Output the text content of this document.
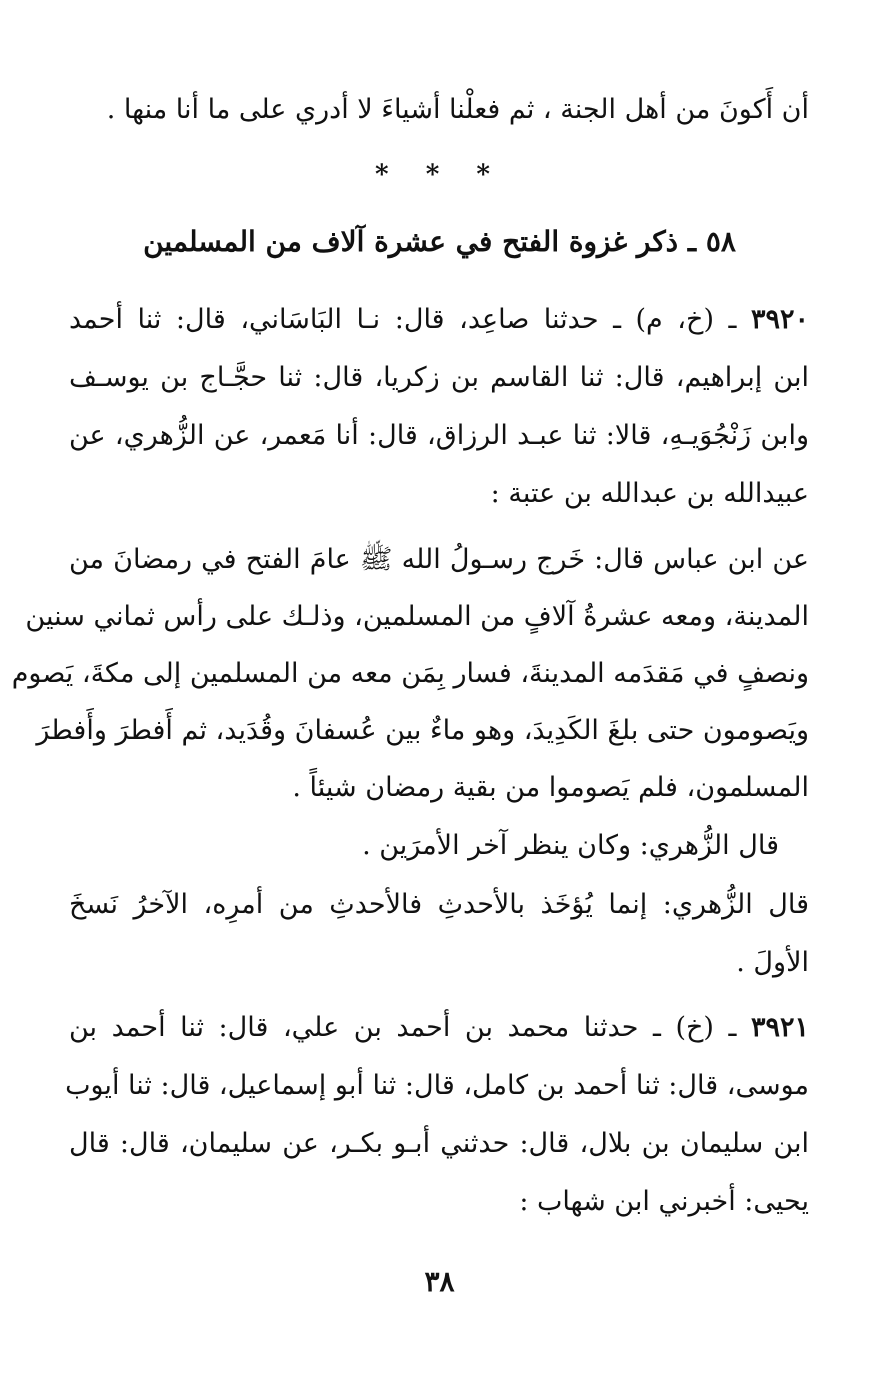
أن أَكونَ من أهل الجنة ، ثم فعلْنا أشياءَ لا أدري على ما أنا منها .
* * *
٥٨ ـ ذكر غزوة الفتح في عشرة آلاف من المسلمين
٣٩٢٠ ـ (خ، م) ـ حدثنا صاعِد، قال: نـا البَاسَاني، قال: ثنا أحمد
ابن إبراهيم، قال: ثنا القاسم بن زكريا، قال: ثنا حجَّـاج بن يوسـف
وابن زَنْجُوَيـهِ، قالا: ثنا عبـد الرزاق، قال: أنا مَعمر، عن الزُّهري، عن
عبيدالله بن عبدالله بن عتبة :
عن ابن عباس قال: خَرج رسـولُ الله ﷺ عامَ الفتح في رمضانَ من
المدينة، ومعه عشرةُ آلافٍ من المسلمين، وذلـك على رأس ثماني سنين
ونصفٍ في مَقدَمه المدينةَ، فسار بِمَن معه من المسلمين إلى مكةَ، يَصوم
ويَصومون حتى بلغَ الكَدِيدَ، وهو ماءٌ بين عُسفانَ وقُدَيد، ثم أَفطرَ وأَفطرَ
المسلمون، فلم يَصوموا من بقية رمضان شيئاً .
قال الزُّهري: وكان ينظر آخر الأمرَين .
قال الزُّهري: إنما يُؤخَذ بالأحدثِ فالأحدثِ من أمرِه، الآخرُ نَسخَ
الأولَ .
٣٩٢١ ـ (خ) ـ حدثنا محمد بن أحمد بن علي، قال: ثنا أحمد بن
موسى، قال: ثنا أحمد بن كامل، قال: ثنا أبو إسماعيل، قال: ثنا أيوب
ابن سليمان بن بلال، قال: حدثني أبـو بكـر، عن سليمان، قال: قال
يحيى: أخبرني ابن شهاب :
٣٨
